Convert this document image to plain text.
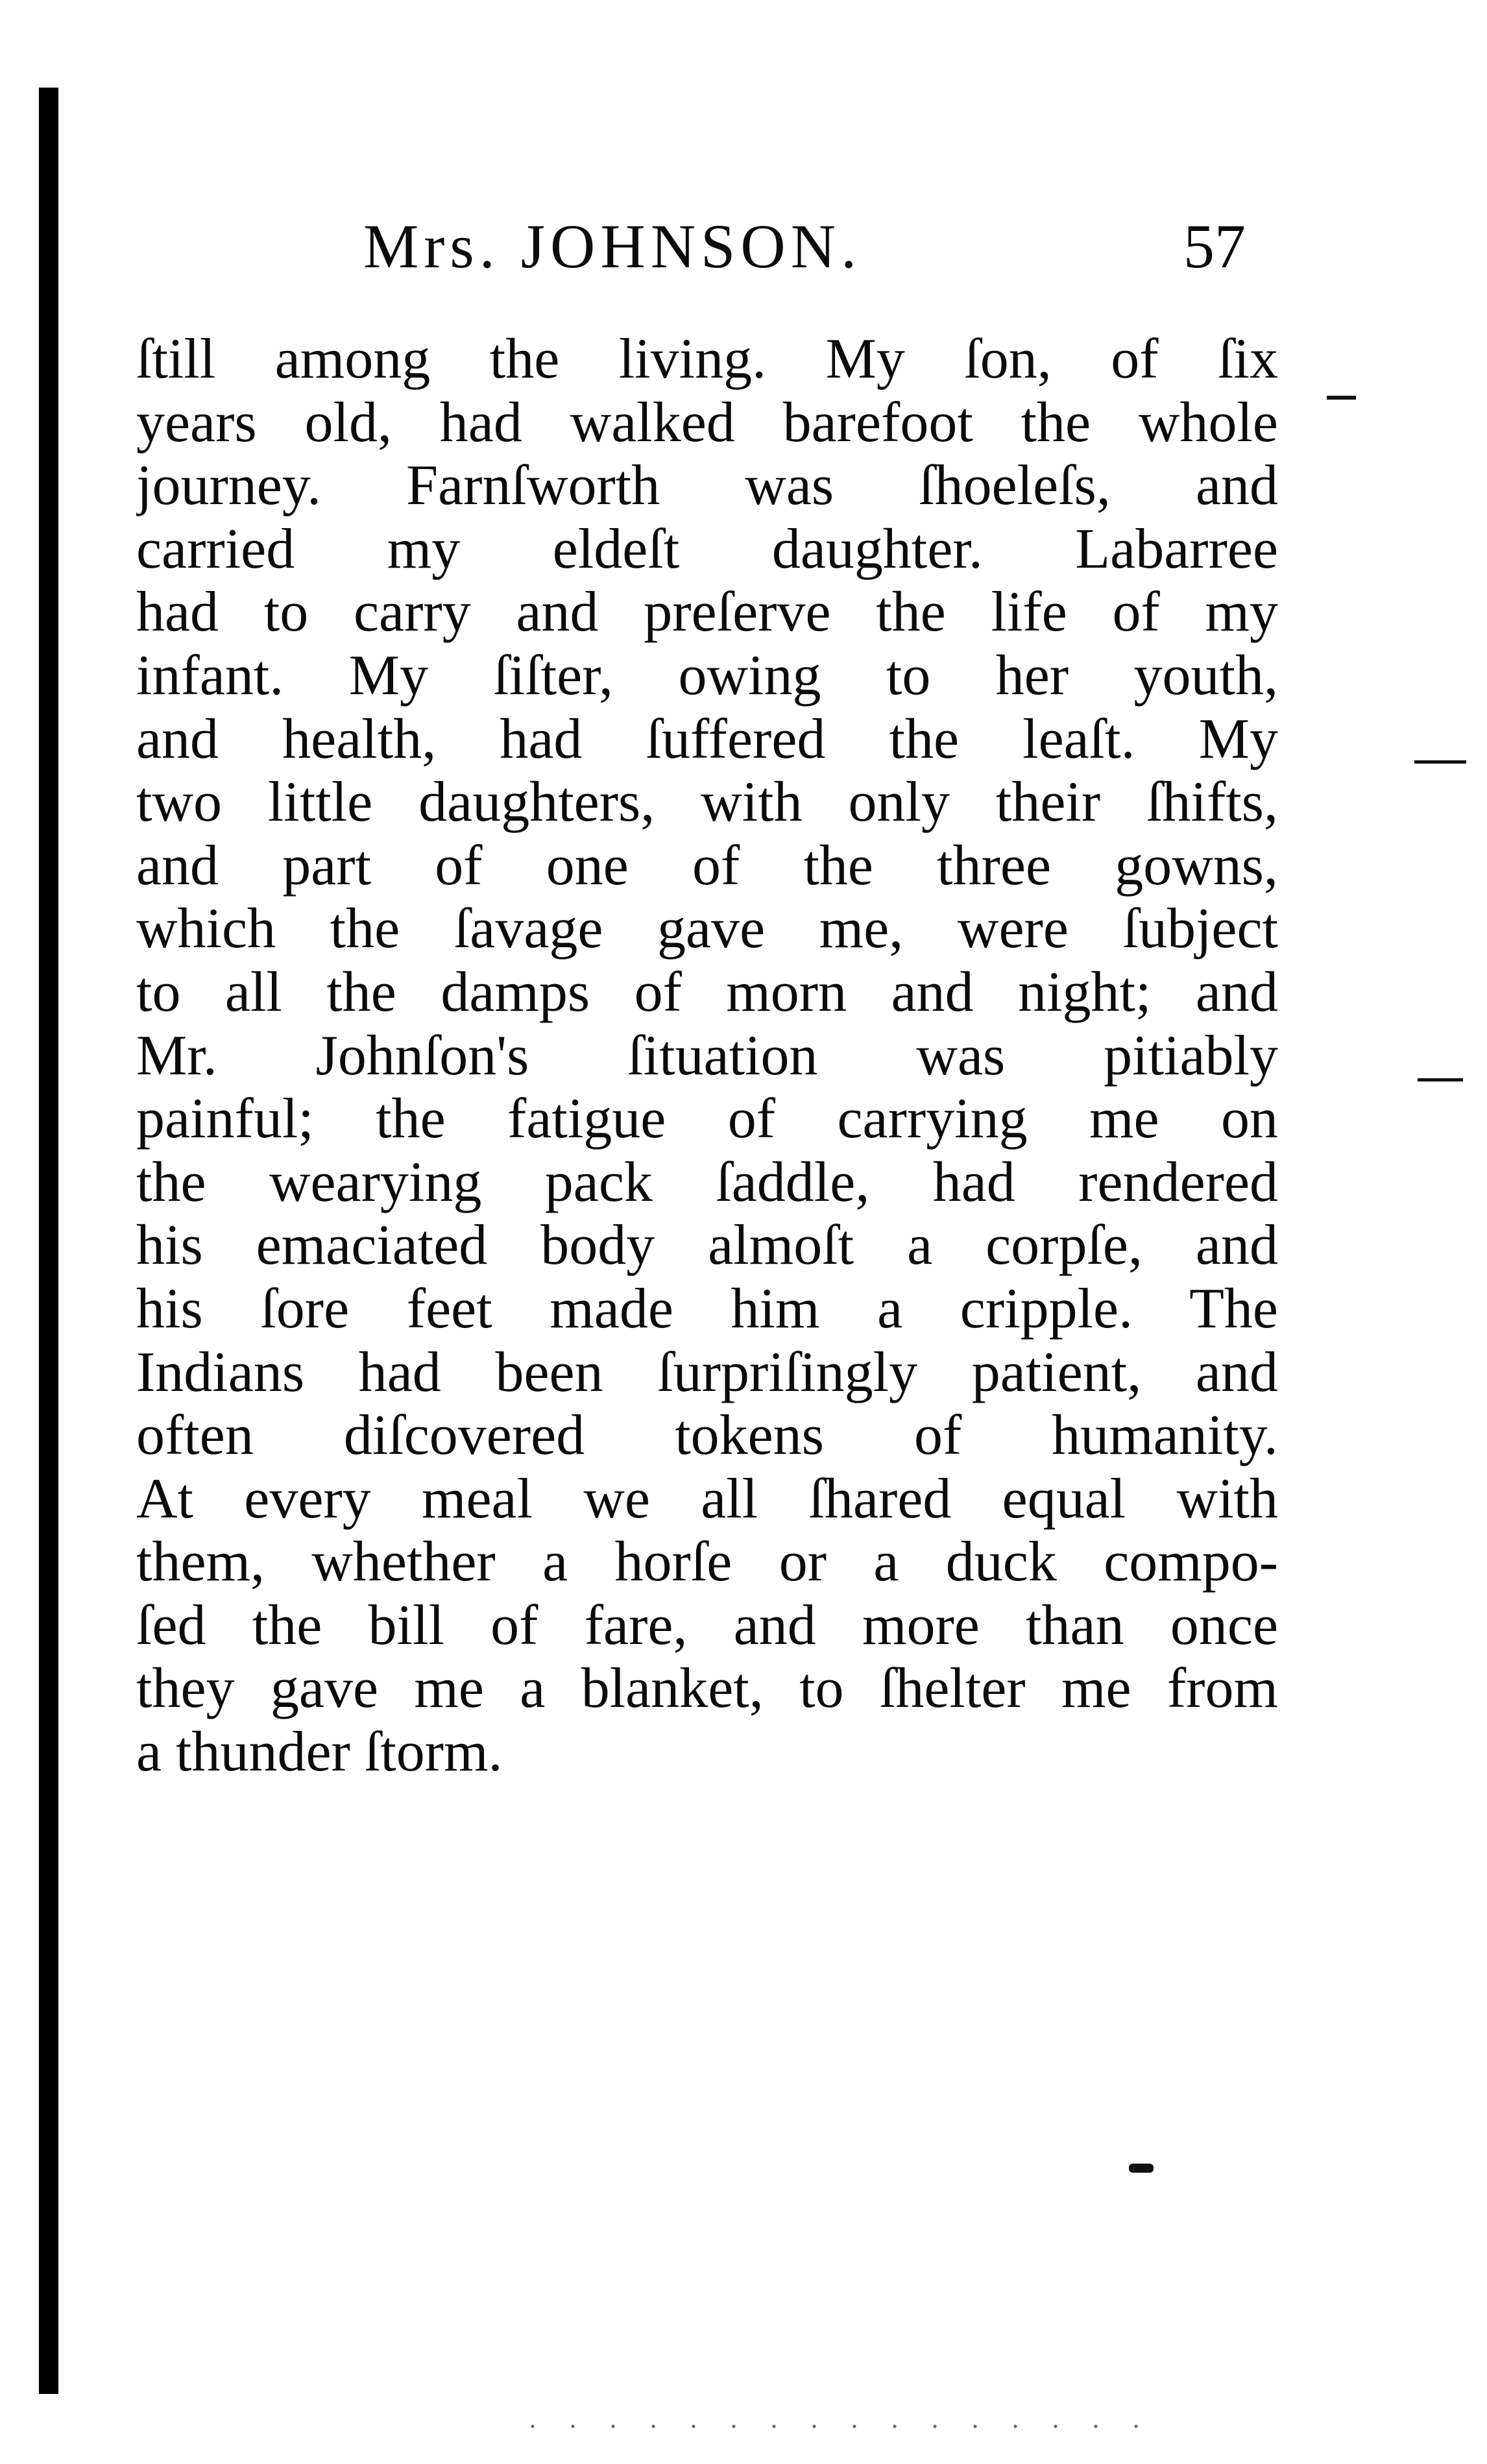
Mrs. JOHNSON.	57
ſtill among the living. My ſon, of ſix
years old, had walked barefoot the whole
journey. Farnſworth was ſhoeleſs, and
carried my eldeſt daughter. Labarree
had to carry and preſerve the life of my
infant. My ſiſter, owing to her youth,
and health, had ſuffered the leaſt. My
two little daughters, with only their ſhifts,
and part of one of the three gowns,
which the ſavage gave me, were ſubject
to all the damps of morn and night; and
Mr. Johnſon's ſituation was pitiably
painful; the fatigue of carrying me on
the wearying pack ſaddle, had rendered
his emaciated body almoſt a corpſe, and
his ſore feet made him a cripple. The
Indians had been ſurpriſingly patient, and
often diſcovered tokens of humanity.
At every meal we all ſhared equal with
them, whether a horſe or a duck compo-
ſed the bill of fare, and more than once
they gave me a blanket, to ſhelter me from
a thunder ſtorm.
